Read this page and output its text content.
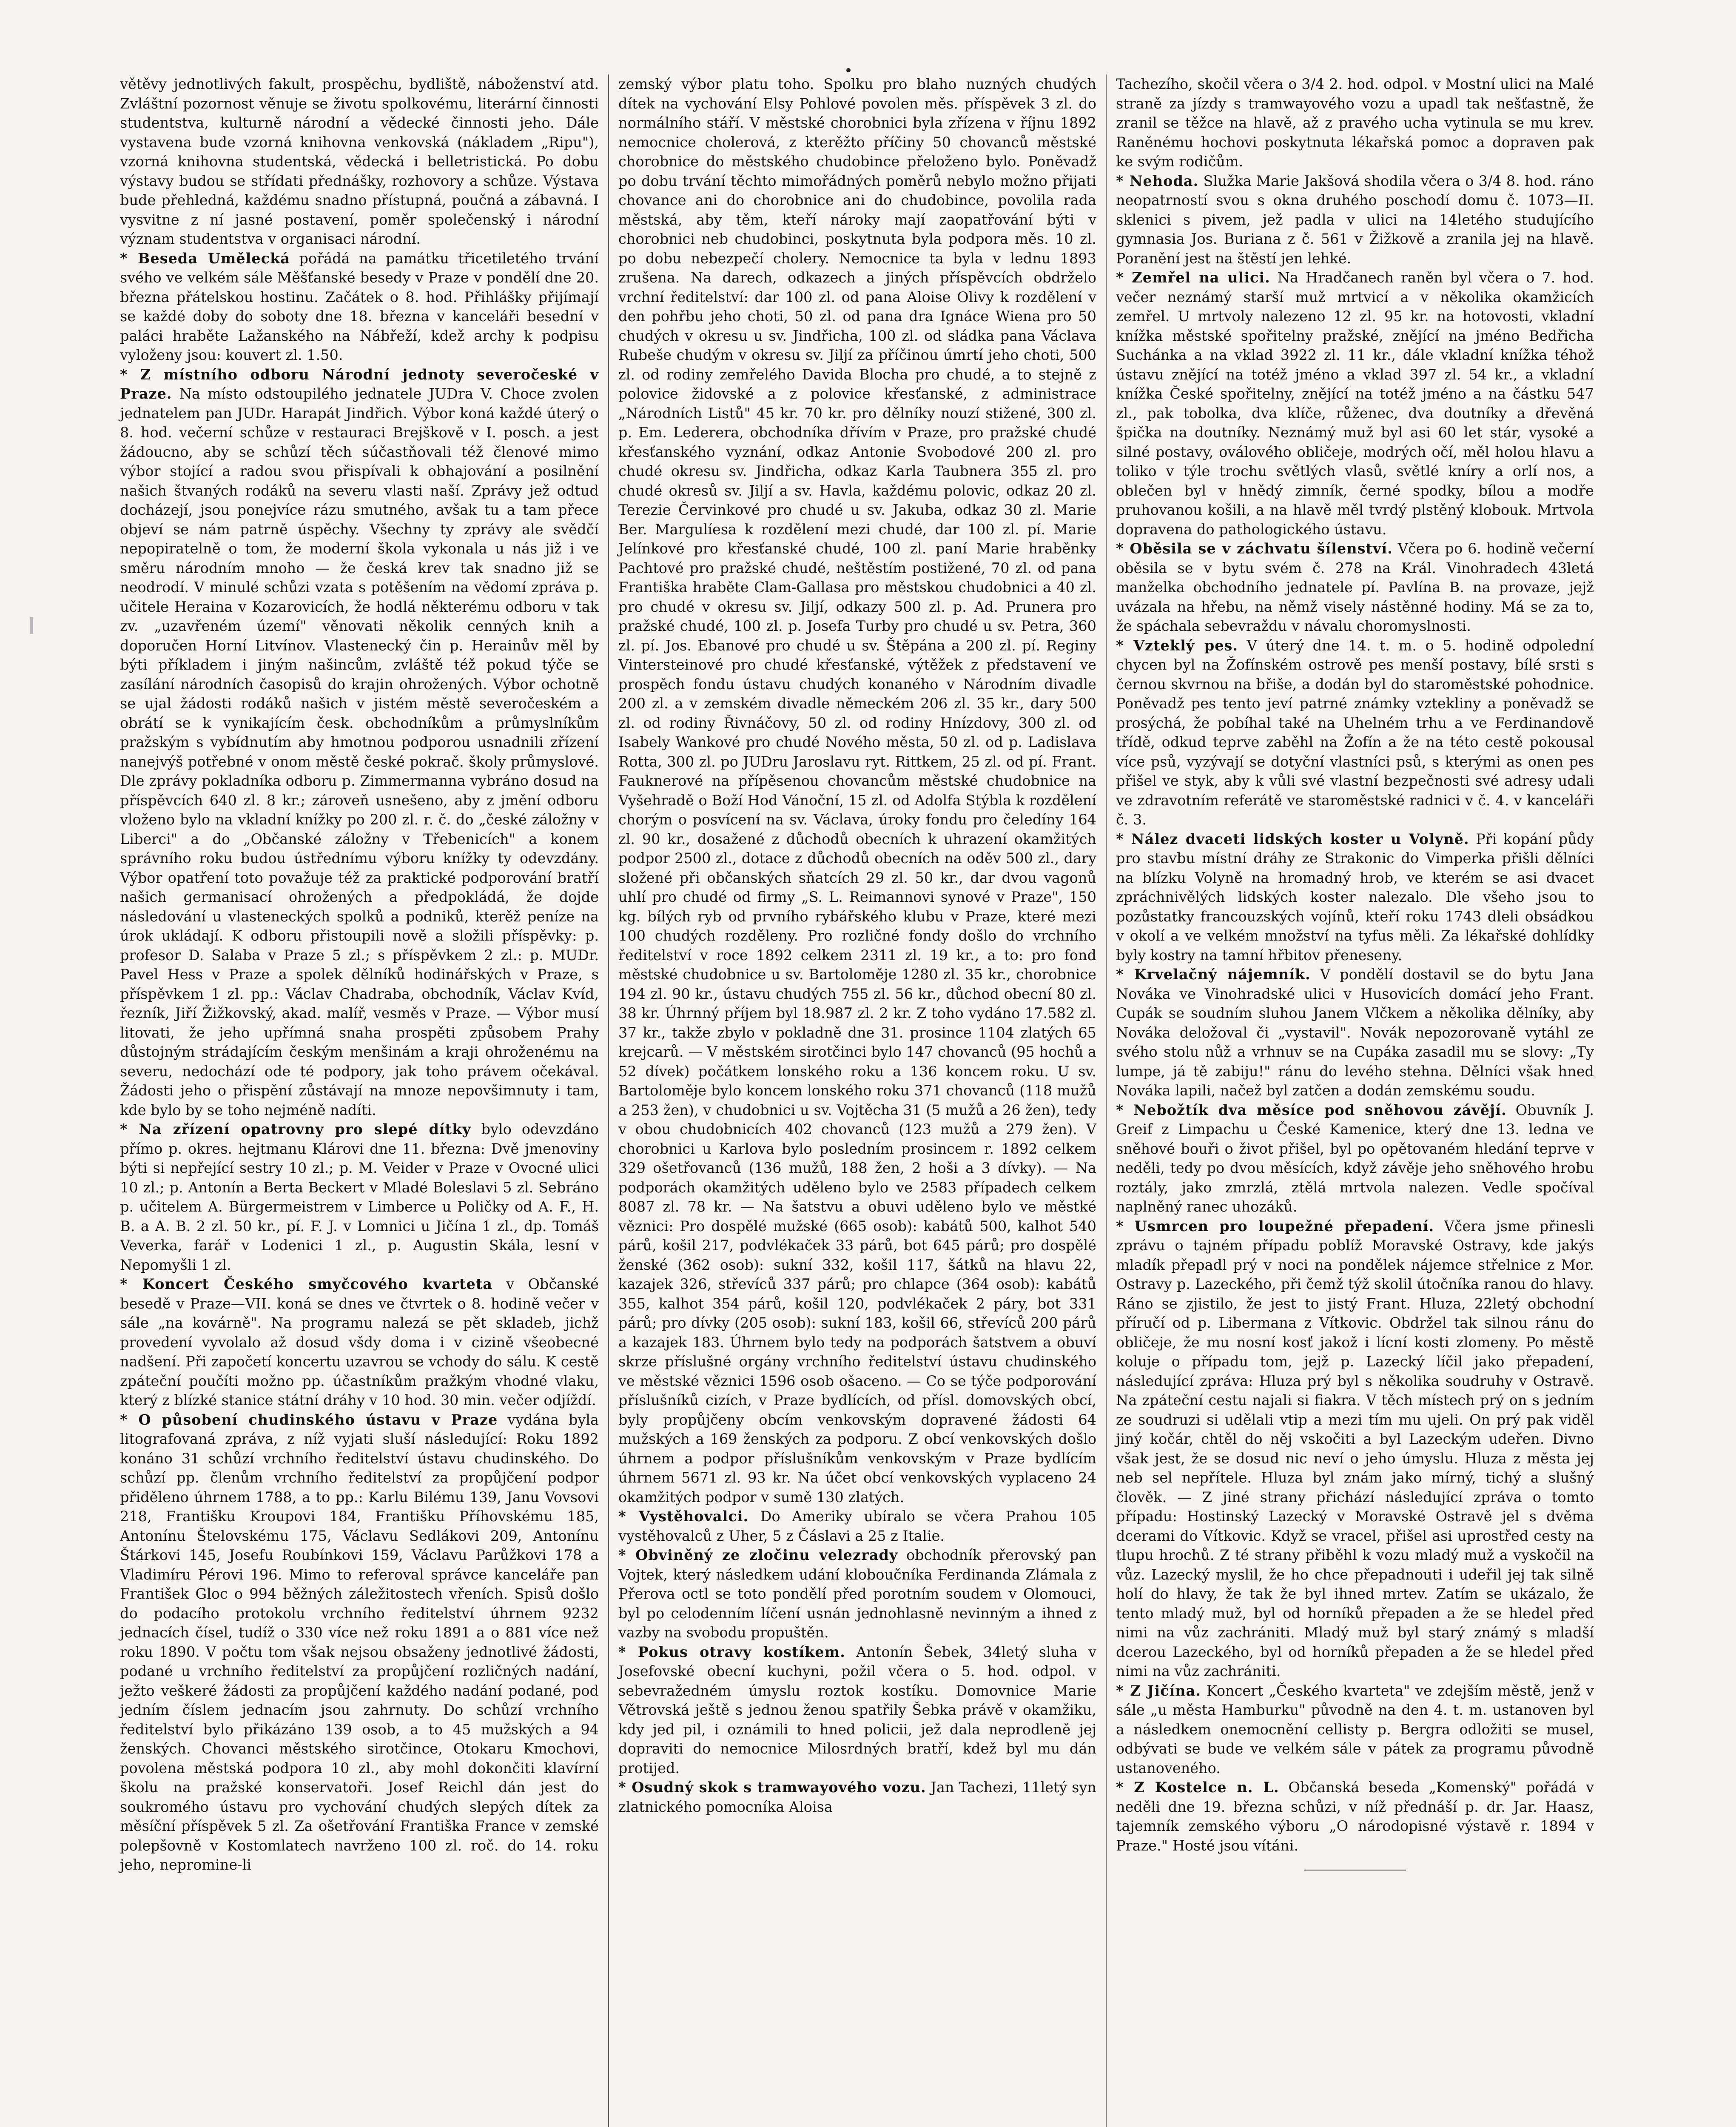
větěvy jednotlivých fakult, prospěchu, bydliště, náboženství atd. Zvláštní pozornost věnuje se životu spolkovému, literární činnosti studentstva, kulturně národní a vědecké činnosti jeho. Dále vystavena bude vzorná knihovna venkovská (nákladem „Ripu"), vzorná knihovna studentská, vědecká i belletristická. Po dobu výstavy budou se střídati přednášky, rozhovory a schůze. Výstava bude přehledná, každému snadno přístupná, poučná a zábavná. I vysvitne z ní jasné postavení, poměr společenský i národní význam studentstva v organisaci národní.

* Beseda Umělecká pořádá na památku třicetiletého trvání svého ve velkém sále Měšťanské besedy v Praze v pondělí dne 20. března přátelskou hostinu. Začátek o 8. hod. Přihlášky přijímají se každé doby do soboty dne 18. března v kanceláři besední v paláci hraběte Lažanského na Nábřeží, kdež archy k podpisu vyloženy jsou: kouvert zl. 1.50.

* Z místního odboru Národní jednoty severočeské v Praze. Na místo odstoupilého jednatele JUDra V. Choce zvolen jednatelem pan JUDr. Harapát Jindřich. Výbor koná každé úterý o 8. hod. večerní schůze v restauraci Brejškově v I. posch. a jest žádoucno, aby se schůzí těch súčastňovali též členové mimo výbor stojící a radou svou přispívali k obhajování a posilnění našich štvaných rodáků na severu vlasti naší. Zprávy jež odtud docházejí, jsou ponejvíce rázu smutného, avšak tu a tam přece objeví se nám patrně úspěchy. Všechny ty zprávy ale svědčí nepopiratelně o tom, že moderní škola vykonala u nás již i ve směru národním mnoho — že česká krev tak snadno již se neodrodí. V minulé schůzi vzata s potěšením na vědomí zpráva p. učitele Heraina v Kozarovicích, že hodlá některému odboru v tak zv. „uzavřeném území" věnovati několik cenných knih a doporučen Horní Litvínov. Vlastenecký čin p. Herainův měl by býti příkladem i jiným našincům, zvláště též pokud týče se zasílání národních časopisů do krajin ohrožených. Výbor ochotně se ujal žádosti rodáků našich v jistém městě severočeském a obrátí se k vynikajícím česk. obchodníkům a průmyslníkům pražským s vybídnutím aby hmotnou podporou usnadnili zřízení nanejvýš potřebné v onom městě české pokrač. školy průmyslové. Dle zprávy pokladníka odboru p. Zimmermanna vybráno dosud na příspěvcích 640 zl. 8 kr.; zároveň usnešeno, aby z jmění odboru vloženo bylo na vkladní knížky po 200 zl. r. č. do „české záložny v Liberci" a do „Občanské záložny v Třebenicích" a konem správního roku budou ústřednímu výboru knížky ty odevzdány. Výbor opatření toto považuje též za praktické podporování bratří našich germanisací ohrožených a předpokládá, že dojde následování u vlasteneckých spolků a podniků, kterěž peníze na úrok ukládají. K odboru přistoupili nově a složili příspěvky: p. profesor D. Salaba v Praze 5 zl.; s příspěvkem 2 zl.: p. MUDr. Pavel Hess v Praze a spolek dělníků hodinářských v Praze, s příspěvkem 1 zl. pp.: Václav Chadraba, obchodník, Václav Kvíd, řezník, Jiří Žižkovský, akad. malíř, vesměs v Praze. — Výbor musí litovati, že jeho upřímná snaha prospěti způsobem Prahy důstojným strádajícím českým menšinám a kraji ohroženému na severu, nedochází ode té podpory, jak toho právem očekával. Žádosti jeho o přispění zůstávají na mnoze nepovšimnuty i tam, kde bylo by se toho nejméně nadíti.

* Na zřízení opatrovny pro slepé dítky bylo odevzdáno přímo p. okres. hejtmanu Klárovi dne 11. března: Dvě jmenoviny býti si nepřející sestry 10 zl.; p. M. Veider v Praze v Ovocné ulici 10 zl.; p. Antonín a Berta Beckert v Mladé Boleslavi 5 zl. Sebráno p. učitelem A. Bürgermeistrem v Limberce u Poličky od A. F., H. B. a A. B. 2 zl. 50 kr., pí. F. J. v Lomnici u Jičína 1 zl., dp. Tomáš Veverka, farář v Lodenici 1 zl., p. Augustin Skála, lesní v Nepomyšli 1 zl.

* Koncert Českého smyčcového kvarteta v Občanské besedě v Praze—VII. koná se dnes ve čtvrtek o 8. hodině večer v sále „na kovárně". Na programu nalezá se pět skladeb, jichž provedení vyvolalo až dosud všdy doma i v cizině všeobecné nadšení. Při započetí koncertu uzavrou se vchody do sálu. K cestě zpáteční poučíti možno pp. účastníkům pražkým vhodné vlaku, který z blízké stanice státní dráhy v 10 hod. 30 min. večer odjíždí.

* O působení chudinského ústavu v Praze vydána byla litografovaná zpráva, z níž vyjati sluší následující: Roku 1892 konáno 31 schůzí vrchního ředitelství ústavu chudinského. Do schůzí pp. členům vrchního ředitelství za propůjčení podpor přiděleno úhrnem 1788, a to pp.: Karlu Bilému 139, Janu Vovsovi 218, Františku Kroupovi 184, Františku Příhovskému 185, Antonínu Štelovskému 175, Václavu Sedlákovi 209, Antonínu Štárkovi 145, Josefu Roubínkovi 159, Václavu Parůžkovi 178 a Vladimíru Pérovi 196. Mimo to referoval správce kanceláře pan František Gloc o 994 běžných záležitostech vřeních. Spisů došlo do podacího protokolu vrchního ředitelství úhrnem 9232 jednacích čísel, tudíž o 330 více než roku 1891 a o 881 více než roku 1890. V počtu tom však nejsou obsaženy jednotlivé žádosti, podané u vrchního ředitelství za propůjčení rozličných nadání, ježto veškeré žádosti za propůjčení každého nadání podané, pod jedním číslem jednacím jsou zahrnuty. Do schůzí vrchního ředitelství bylo přikázáno 139 osob, a to 45 mužských a 94 ženských. Chovanci městského sirotčince, Otokaru Kmochovi, povolena městská podpora 10 zl., aby mohl dokončiti klavírní školu na pražské konservatoři. Josef Reichl dán jest do soukromého ústavu pro vychování chudých slepých dítek za měsíční příspěvek 5 zl. Za ošetřování Františka France v zemské polepšovně v Kostomlatech navrženo 100 zl. roč. do 14. roku jeho, nepromine-li

zemský výbor platu toho. Spolku pro blaho nuzných chudých dítek na vychování Elsy Pohlové povolen měs. příspěvek 3 zl. do normálního stáří. V městské chorobnici byla zřízena v říjnu 1892 nemocnice cholerová, z kterěžto příčiny 50 chovanců městské chorobnice do městského chudobince přeloženo bylo. Poněvadž po dobu trvání těchto mimořádných poměrů nebylo možno přijati chovance ani do chorobnice ani do chudobince, povolila rada městská, aby těm, kteří nároky mají zaopatřování býti v chorobnici neb chudobinci, poskytnuta byla podpora měs. 10 zl. po dobu nebezpečí cholery. Nemocnice ta byla v lednu 1893 zrušena. Na darech, odkazech a jiných příspěvcích obdrželo vrchní ředitelství: dar 100 zl. od pana Aloise Olivy k rozdělení v den pohřbu jeho choti, 50 zl. od pana dra Ignáce Wiena pro 50 chudých v okresu u sv. Jindřicha, 100 zl. od sládka pana Václava Rubeše chudým v okresu sv. Jiljí za příčinou úmrtí jeho choti, 500 zl. od rodiny zemřelého Davida Blocha pro chudé, a to stejně z polovice židovské a z polovice křesťanské, z administrace „Národních Listů" 45 kr. 70 kr. pro dělníky nouzí stižené, 300 zl. p. Em. Lederera, obchodníka dřívím v Praze, pro pražské chudé křesťanského vyznání, odkaz Antonie Svobodové 200 zl. pro chudé okresu sv. Jindřicha, odkaz Karla Taubnera 355 zl. pro chudé okresů sv. Jiljí a sv. Havla, každému polovic, odkaz 20 zl. Terezie Červinkové pro chudé u sv. Jakuba, odkaz 30 zl. Marie Ber. Margulíesa k rozdělení mezi chudé, dar 100 zl. pí. Marie Jelínkové pro křesťanské chudé, 100 zl. paní Marie hraběnky Pachtové pro pražské chudé, neštěstím postižené, 70 zl. od pana Františka hraběte Clam-Gallasa pro městskou chudobnici a 40 zl. pro chudé v okresu sv. Jiljí, odkazy 500 zl. p. Ad. Prunera pro pražské chudé, 100 zl. p. Josefa Turby pro chudé u sv. Petra, 360 zl. pí. Jos. Ebanové pro chudé u sv. Štěpána a 200 zl. pí. Reginy Vintersteinové pro chudé křesťanské, výtěžek z představení ve prospěch fondu ústavu chudých konaného v Národním divadle 200 zl. a v zemském divadle německém 206 zl. 35 kr., dary 500 zl. od rodiny Řivnáčovy, 50 zl. od rodiny Hnízdovy, 300 zl. od Isabely Wankové pro chudé Nového města, 50 zl. od p. Ladislava Rotta, 300 zl. po JUDru Jaroslavu ryt. Rittkem, 25 zl. od pí. Frant. Fauknerové na přípěsenou chovancům městské chudobnice na Vyšehradě o Boží Hod Vánoční, 15 zl. od Adolfa Stýbla k rozdělení chorým o posvícení na sv. Václava, úroky fondu pro čeledíny 164 zl. 90 kr., dosažené z důchodů obecních k uhrazení okamžitých podpor 2500 zl., dotace z důchodů obecních na oděv 500 zl., dary složené při občanských sňatcích 29 zl. 50 kr., dar dvou vagonů uhlí pro chudé od firmy „S. L. Reimannovi synové v Praze", 150 kg. bílých ryb od prvního rybářského klubu v Praze, které mezi 100 chudých rozděleny. Pro rozličné fondy došlo do vrchního ředitelství v roce 1892 celkem 2311 zl. 19 kr., a to: pro fond městské chudobnice u sv. Bartoloměje 1280 zl. 35 kr., chorobnice 194 zl. 90 kr., ústavu chudých 755 zl. 56 kr., důchod obecní 80 zl. 38 kr. Úhrnný příjem byl 18.987 zl. 2 kr. Z toho vydáno 17.582 zl. 37 kr., takže zbylo v pokladně dne 31. prosince 1104 zlatých 65 krejcarů. — V městském sirotčinci bylo 147 chovanců (95 hochů a 52 dívek) počátkem lonského roku a 136 koncem roku. U sv. Bartoloměje bylo koncem lonského roku 371 chovanců (118 mužů a 253 žen), v chudobnici u sv. Vojtěcha 31 (5 mužů a 26 žen), tedy v obou chudobnicích 402 chovanců (123 mužů a 279 žen). V chorobnici u Karlova bylo posledním prosincem r. 1892 celkem 329 ošetřovanců (136 mužů, 188 žen, 2 hoši a 3 dívky). — Na podporách okamžitých uděleno bylo ve 2583 případech celkem 8087 zl. 78 kr. — Na šatstvu a obuvi uděleno bylo ve městké věznici: Pro dospělé mužské (665 osob): kabátů 500, kalhot 540 párů, košil 217, podvlékaček 33 párů, bot 645 párů; pro dospělé ženské (362 osob): sukní 332, košil 117, šátků na hlavu 22, kazajek 326, střevíců 337 párů; pro chlapce (364 osob): kabátů 355, kalhot 354 párů, košil 120, podvlékaček 2 páry, bot 331 párů; pro dívky (205 osob): sukní 183, košil 66, střevíců 200 párů a kazajek 183. Úhrnem bylo tedy na podporách šatstvem a obuví skrze příslušné orgány vrchního ředitelství ústavu chudinského ve městské věznici 1596 osob ošaceno. — Co se týče podporování příslušníků cizích, v Praze bydlících, od přísl. domovských obcí, byly propůjčeny obcím venkovským dopravené žádosti 64 mužských a 169 ženských za podporu. Z obcí venkovských došlo úhrnem a podpor příslušníkům venkovským v Praze bydlícím úhrnem 5671 zl. 93 kr. Na účet obcí venkovských vyplaceno 24 okamžitých podpor v sumě 130 zlatých.

* Vystěhovalci. Do Ameriky ubíralo se včera Prahou 105 vystěhovalců z Uher, 5 z Čáslavi a 25 z Italie.

* Obviněný ze zločinu velezrady obchodník přerovský pan Vojtek, který následkem udání kloboučníka Ferdinanda Zlámala z Přerova octl se toto pondělí před porotním soudem v Olomouci, byl po celodenním líčení usnán jednohlasně nevinným a ihned z vazby na svobodu propuštěn.

* Pokus otravy kostíkem. Antonín Šebek, 34letý sluha v Josefovské obecní kuchyni, požil včera o 5. hod. odpol. v sebevražedném úmyslu roztok kostíku. Domovnice Marie Větrovská ještě s jednou ženou spatřily Šebka právě v okamžiku, kdy jed pil, i oznámili to hned policii, jež dala neprodleně jej dopraviti do nemocnice Milosrdných bratří, kdež byl mu dán protijed.

* Osudný skok s tramwayového vozu. Jan Tachezi, 11letý syn zlatnického pomocníka Aloisa

Tachezího, skočil včera o 3/4 2. hod. odpol. v Mostní ulici na Malé straně za jízdy s tramwayového vozu a upadl tak nešťastně, že zranil se těžce na hlavě, až z pravého ucha vytinula se mu krev. Raněnému hochovi poskytnuta lékařská pomoc a dopraven pak ke svým rodičům.

* Nehoda. Služka Marie Jakšová shodila včera o 3/4 8. hod. ráno neopatrností svou s okna druhého poschodí domu č. 1073—II. sklenici s pivem, jež padla v ulici na 14letého studujícího gymnasia Jos. Buriana z č. 561 v Žižkově a zranila jej na hlavě. Poranění jest na štěstí jen lehké.

* Zemřel na ulici. Na Hradčanech raněn byl včera o 7. hod. večer neznámý starší muž mrtvicí a v několika okamžicích zemřel. U mrtvoly nalezeno 12 zl. 95 kr. na hotovosti, vkladní knížka městské spořitelny pražské, znějící na jméno Bedřicha Suchánka a na vklad 3922 zl. 11 kr., dále vkladní knížka téhož ústavu znějící na totéž jméno a vklad 397 zl. 54 kr., a vkladní knížka České spořitelny, znějící na totéž jméno a na částku 547 zl., pak tobolka, dva klíče, růženec, dva doutníky a dřevěná špička na doutníky. Neznámý muž byl asi 60 let stár, vysoké a silné postavy, oválového obličeje, modrých očí, měl holou hlavu a toliko v týle trochu světlých vlasů, světlé kníry a orlí nos, a oblečen byl v hnědý zimník, černé spodky, bílou a modře pruhovanou košili, a na hlavě měl tvrdý plstěný klobouk. Mrtvola dopravena do pathologického ústavu.

* Oběsila se v záchvatu šílenství. Včera po 6. hodině večerní oběsila se v bytu svém č. 278 na Král. Vinohradech 43letá manželka obchodního jednatele pí. Pavlína B. na provaze, jejž uvázala na hřebu, na němž visely nástěnné hodiny. Má se za to, že spáchala sebevraždu v návalu choromyslnosti.

* Vzteklý pes. V úterý dne 14. t. m. o 5. hodině odpolední chycen byl na Žofínském ostrově pes menší postavy, bílé srsti s černou skvrnou na břiše, a dodán byl do staroměstské pohodnice. Poněvadž pes tento jeví patrné známky vztekliny a poněvadž se prosýchá, že pobíhal také na Uhelném trhu a ve Ferdinandově třídě, odkud teprve zaběhl na Žofín a že na této cestě pokousal více psů, vyzývají se dotyční vlastníci psů, s kterými as onen pes přišel ve styk, aby k vůli své vlastní bezpečnosti své adresy udali ve zdravotním referátě ve staroměstské radnici v č. 4. v kanceláři č. 3.

* Nález dvaceti lidských koster u Volyně. Při kopání půdy pro stavbu místní dráhy ze Strakonic do Vimperka přišli dělníci na blízku Volyně na hromadný hrob, ve kterém se asi dvacet zpráchnivělých lidských koster nalezalo. Dle všeho jsou to pozůstatky francouzských vojínů, kteří roku 1743 dleli obsádkou v okolí a ve velkém množství na tyfus měli. Za lékařské dohlídky byly kostry na tamní hřbitov přeneseny.

* Krvelačný nájemník. V pondělí dostavil se do bytu Jana Nováka ve Vinohradské ulici v Husovicích domácí jeho Frant. Cupák se soudním sluhou Janem Vlčkem a několika dělníky, aby Novákа deložoval či „vystavil". Novák nepozorovaně vytáhl ze svého stolu nůž a vrhnuv se na Cupáka zasadil mu se slovy: „Ty lumpe, já tě zabiju!" ránu do levého stehna. Dělníci však hned Nováka lapili, načež byl zatčen a dodán zemskému soudu.

* Nebožtík dva měsíce pod sněhovou závějí. Obuvník J. Greif z Limpachu u České Kamenice, který dne 13. ledna ve sněhové bouři o život přišel, byl po opětovaném hledání teprve v neděli, tedy po dvou měsících, když závěje jeho sněhového hrobu roztály, jako zmrzlá, ztělá mrtvola nalezen. Vedle spočíval naplněný ranec uhozáků.

* Usmrcen pro loupežné přepadení. Včera jsme přinesli zprávu o tajném případu poblíž Moravské Ostravy, kde jakýs mladík přepadl prý v noci na pondělek nájemce střelnice z Mor. Ostravy p. Lazeckého, při čemž týž skolil útočníka ranou do hlavy. Ráno se zjistilo, že jest to jistý Frant. Hluza, 22letý obchodní příručí od p. Libermana z Vítkovic. Obdržel tak silnou ránu do obličeje, že mu nosní kosť jakož i lícní kosti zlomeny. Po městě koluje o případu tom, jejž p. Lazecký líčil jako přepadení, následující zpráva: Hluza prý byl s několika soudruhy v Ostravě. Na zpáteční cestu najali si fiakra. V těch místech prý on s jedním ze soudruzi si udělali vtip a mezi tím mu ujeli. On prý pak viděl jiný kočár, chtěl do něj vskočiti a byl Lazeckým udeřen. Divno však jest, že se dosud nic neví o jeho úmyslu. Hluza z města jej neb sel nepřítele. Hluza byl znám jako mírný, tichý a slušný člověk. — Z jiné strany přichází následující zpráva o tomto případu: Hostinský Lazecký v Moravské Ostravě jel s dvěma dcerami do Vítkovic. Když se vracel, přišel asi uprostřed cesty na tlupu hrochů. Z té strany přiběhl k vozu mladý muž a vyskočil na vůz. Lazecký myslil, že ho chce přepadnouti i udeřil jej tak silně holí do hlavy, že tak že byl ihned mrtev. Zatím se ukázalo, že tento mladý muž, byl od horníků přepaden a že se hledel před nimi na vůz zachrániti. Mladý muž byl starý známý s mladší dcerou Lazeckého, byl od horníků přepaden a že se hledel před nimi na vůz zachrániti.

* Z Jičína. Koncert „Českého kvarteta" ve zdejším městě, jenž v sále „u města Hamburku" původně na den 4. t. m. ustanoven byl a následkem onemocnění cellisty p. Bergra odložiti se musel, odbývati se bude ve velkém sále v pátek za programu původně ustanoveného.

* Z Kostelce n. L. Občanská beseda „Komenský" pořádá v neděli dne 19. března schůzi, v níž přednáší p. dr. Jar. Haasz, tajemník zemského výboru „O národopisné výstavě r. 1894 v Praze." Hosté jsou vítáni.
